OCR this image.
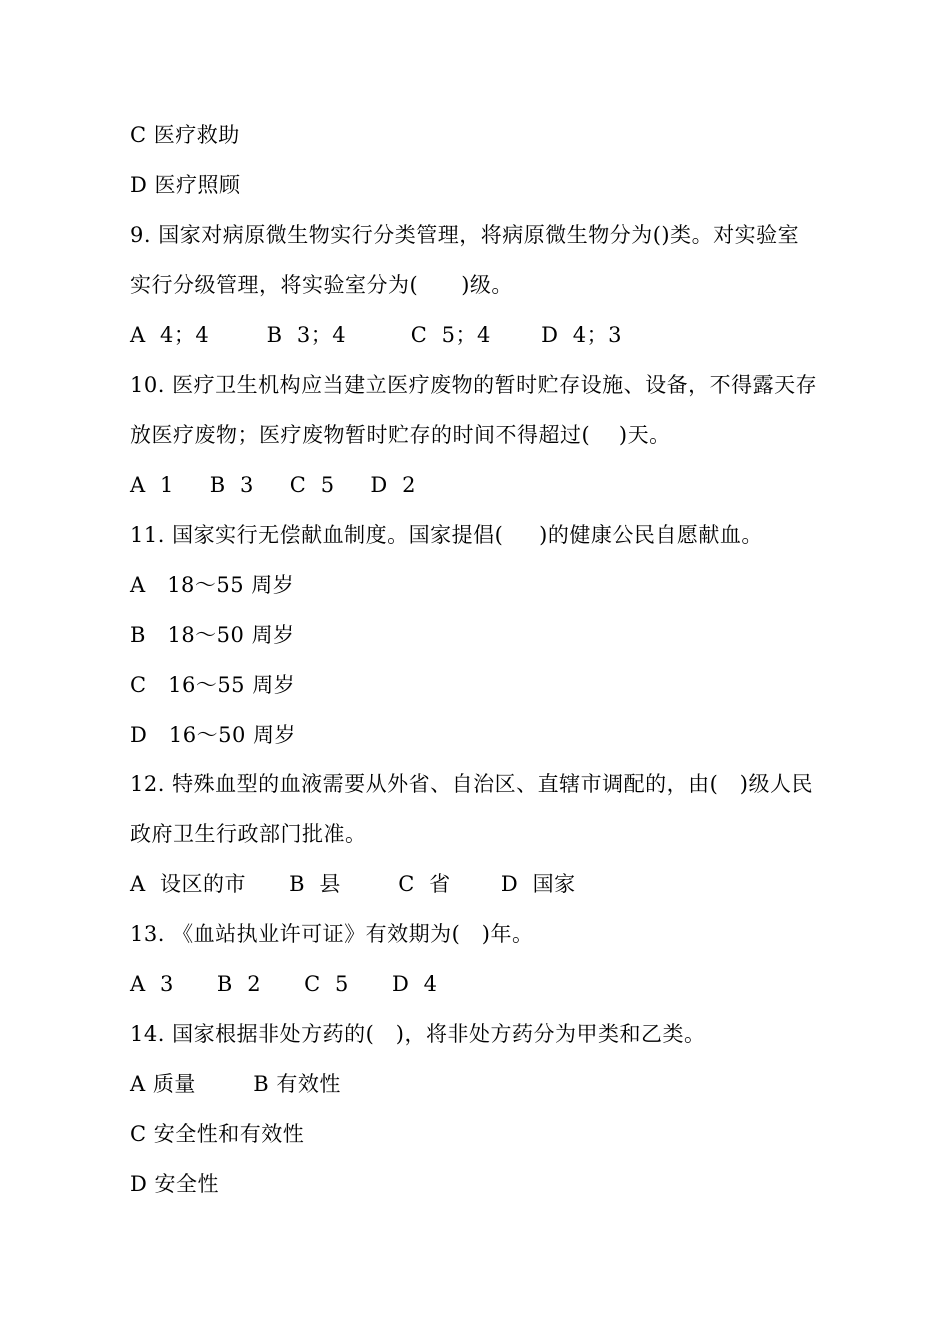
C 医疗救助
D 医疗照顾
9. 国家对病原微生物实行分类管理，将病原微生物分为()类。对实验室
实行分级管理，将实验室分为(      )级。
A  4；4        B  3；4         C  5；4       D  4；3
10. 医疗卫生机构应当建立医疗废物的暂时贮存设施、设备，不得露天存
放医疗废物；医疗废物暂时贮存的时间不得超过(    )天。
A  1     B  3     C  5     D  2
11. 国家实行无偿献血制度。国家提倡(     )的健康公民自愿献血。
A   18～55 周岁
B   18～50 周岁
C   16～55 周岁
D   16～50 周岁
12. 特殊血型的血液需要从外省、自治区、直辖市调配的，由(   )级人民
政府卫生行政部门批准。
A  设区的市      B  县        C  省       D  国家
13. 《血站执业许可证》有效期为(   )年。
A  3      B  2      C  5      D  4
14. 国家根据非处方药的(   )，将非处方药分为甲类和乙类。
A 质量        B 有效性
C 安全性和有效性
D 安全性
